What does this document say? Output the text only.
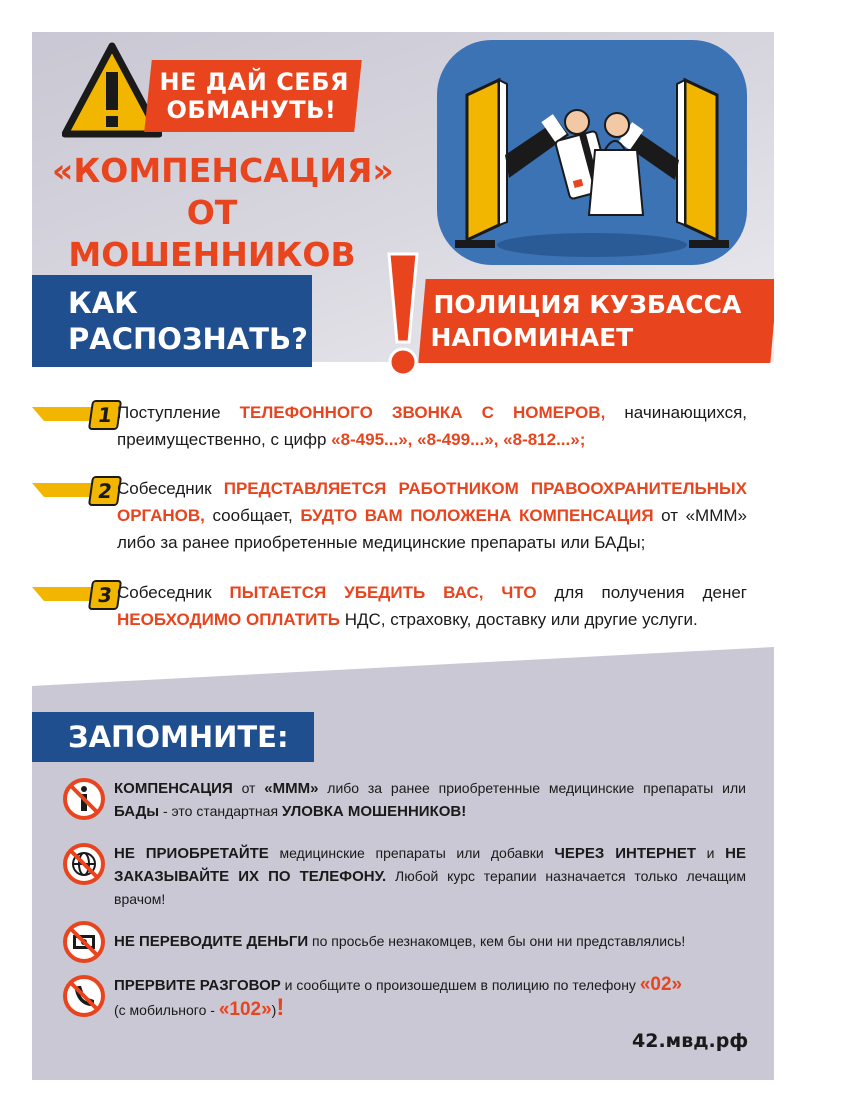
НЕ ДАЙ СЕБЯ
ОБМАНУТЬ!
«КОМПЕНСАЦИЯ»
ОТ МОШЕННИКОВ
КАК
РАСПОЗНАТЬ?
ПОЛИЦИЯ КУЗБАССА
НАПОМИНАЕТ
1 Поступление ТЕЛЕФОННОГО ЗВОНКА С НОМЕРОВ, начинающихся, преимущественно, с цифр «8-495...», «8-499...», «8-812...»;
2 Собеседник ПРЕДСТАВЛЯЕТСЯ РАБОТНИКОМ ПРАВООХРАНИТЕЛЬНЫХ ОРГАНОВ, сообщает, БУДТО ВАМ ПОЛОЖЕНА КОМПЕНСАЦИЯ от «МММ» либо за ранее приобретенные медицинские препараты или БАДы;
3 Собеседник ПЫТАЕТСЯ УБЕДИТЬ ВАС, ЧТО для получения денег НЕОБХОДИМО ОПЛАТИТЬ НДС, страховку, доставку или другие услуги.
ЗАПОМНИТЕ:
КОМПЕНСАЦИЯ от «МММ» либо за ранее приобретенные медицинские препараты или БАДы - это стандартная УЛОВКА МОШЕННИКОВ!
НЕ ПРИОБРЕТАЙТЕ медицинские препараты или добавки ЧЕРЕЗ ИНТЕРНЕТ и НЕ ЗАКАЗЫВАЙТЕ ИХ ПО ТЕЛЕФОНУ. Любой курс терапии назначается только лечащим врачом!
НЕ ПЕРЕВОДИТЕ ДЕНЬГИ по просьбе незнакомцев, кем бы они ни представлялись!
ПРЕРВИТЕ РАЗГОВОР и сообщите о произошедшем в полицию по телефону «02»
(с мобильного - «102»)!
42.мвд.рф
